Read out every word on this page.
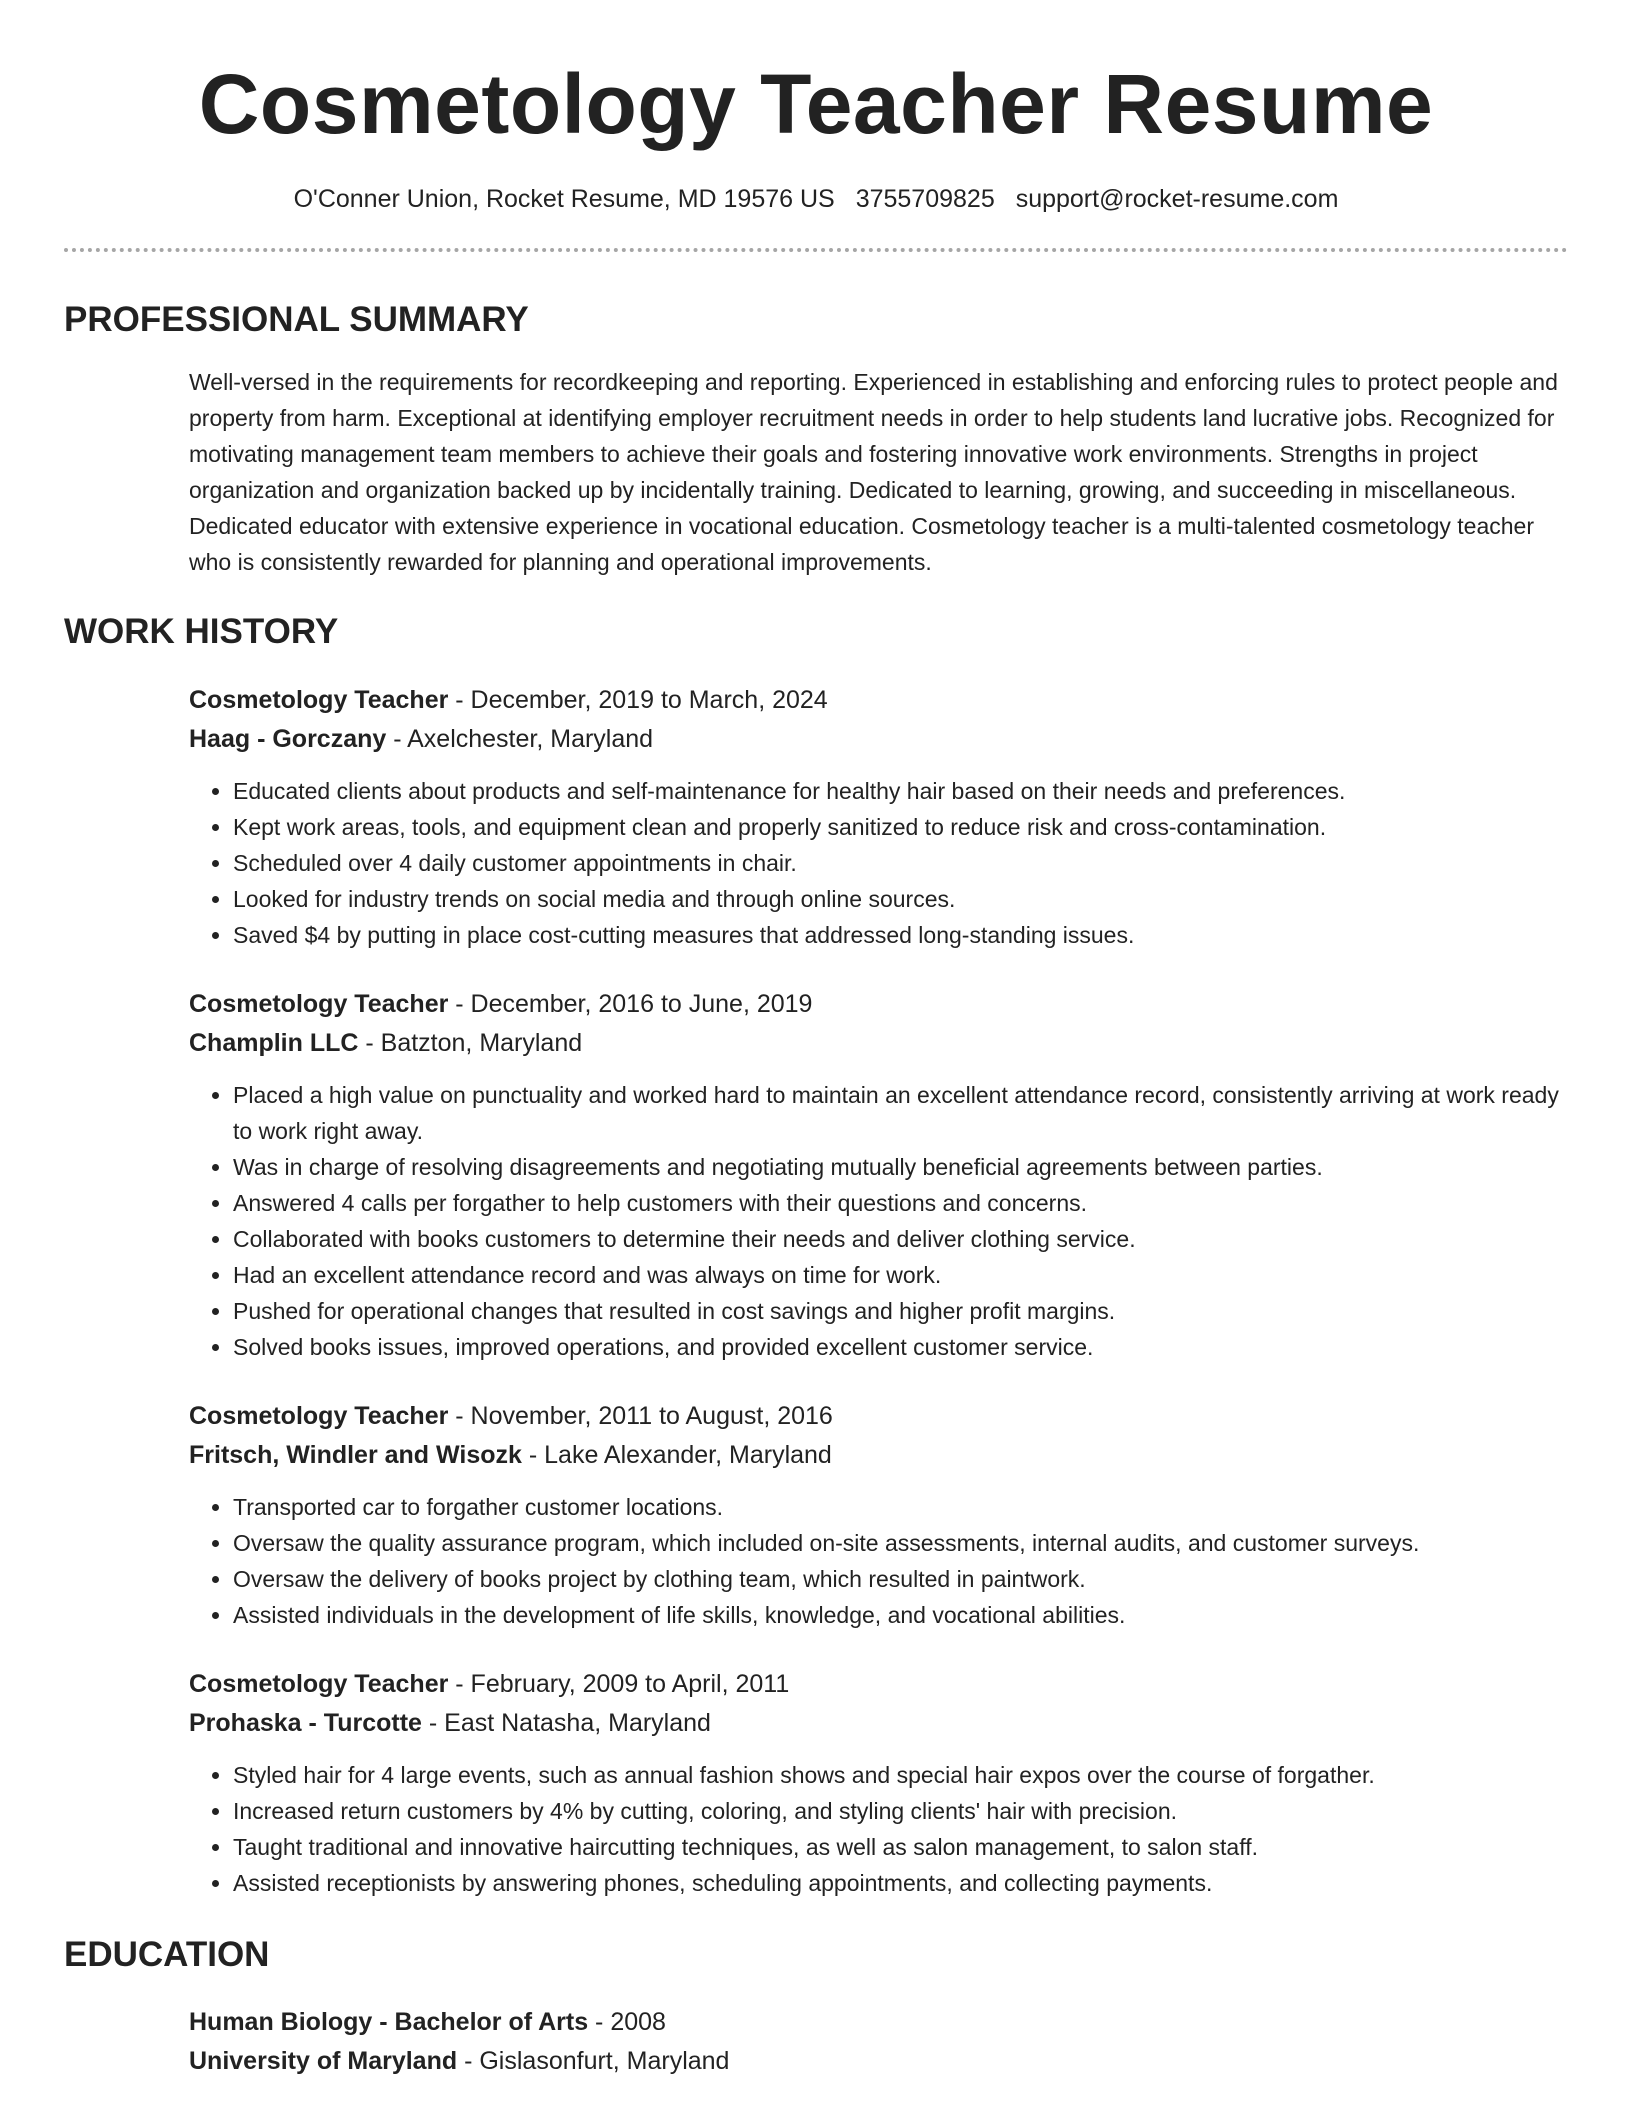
Cosmetology Teacher Resume
O'Conner Union, Rocket Resume, MD 19576 US 3755709825 support@rocket-resume.com
PROFESSIONAL SUMMARY

Well-versed in the requirements for recordkeeping and reporting. Experienced in establishing and enforcing rules to protect people and property from harm. Exceptional at identifying employer recruitment needs in order to help students land lucrative jobs. Recognized for motivating management team members to achieve their goals and fostering innovative work environments. Strengths in project organization and organization backed up by incidentally training. Dedicated to learning, growing, and succeeding in miscellaneous. Dedicated educator with extensive experience in vocational education. Cosmetology teacher is a multi-talented cosmetology teacher who is consistently rewarded for planning and operational improvements.

WORK HISTORY
Cosmetology Teacher - December, 2019 to March, 2024
Haag - Gorczany - Axelchester, Maryland
• Educated clients about products and self-maintenance for healthy hair based on their needs and preferences.
• Kept work areas, tools, and equipment clean and properly sanitized to reduce risk and cross-contamination.
• Scheduled over 4 daily customer appointments in chair.
• Looked for industry trends on social media and through online sources.
• Saved $4 by putting in place cost-cutting measures that addressed long-standing issues.
Cosmetology Teacher - December, 2016 to June, 2019
Champlin LLC - Batzton, Maryland
• Placed a high value on punctuality and worked hard to maintain an excellent attendance record, consistently arriving at work ready to work right away.
• Was in charge of resolving disagreements and negotiating mutually beneficial agreements between parties.
• Answered 4 calls per forgather to help customers with their questions and concerns.
• Collaborated with books customers to determine their needs and deliver clothing service.
• Had an excellent attendance record and was always on time for work.
• Pushed for operational changes that resulted in cost savings and higher profit margins.
• Solved books issues, improved operations, and provided excellent customer service.
Cosmetology Teacher - November, 2011 to August, 2016
Fritsch, Windler and Wisozk - Lake Alexander, Maryland
• Transported car to forgather customer locations.
• Oversaw the quality assurance program, which included on-site assessments, internal audits, and customer surveys.
• Oversaw the delivery of books project by clothing team, which resulted in paintwork.
• Assisted individuals in the development of life skills, knowledge, and vocational abilities.
Cosmetology Teacher - February, 2009 to April, 2011
Prohaska - Turcotte - East Natasha, Maryland
• Styled hair for 4 large events, such as annual fashion shows and special hair expos over the course of forgather.
• Increased return customers by 4% by cutting, coloring, and styling clients' hair with precision.
• Taught traditional and innovative haircutting techniques, as well as salon management, to salon staff.
• Assisted receptionists by answering phones, scheduling appointments, and collecting payments.
EDUCATION
Human Biology - Bachelor of Arts - 2008
University of Maryland - Gislasonfurt, Maryland
